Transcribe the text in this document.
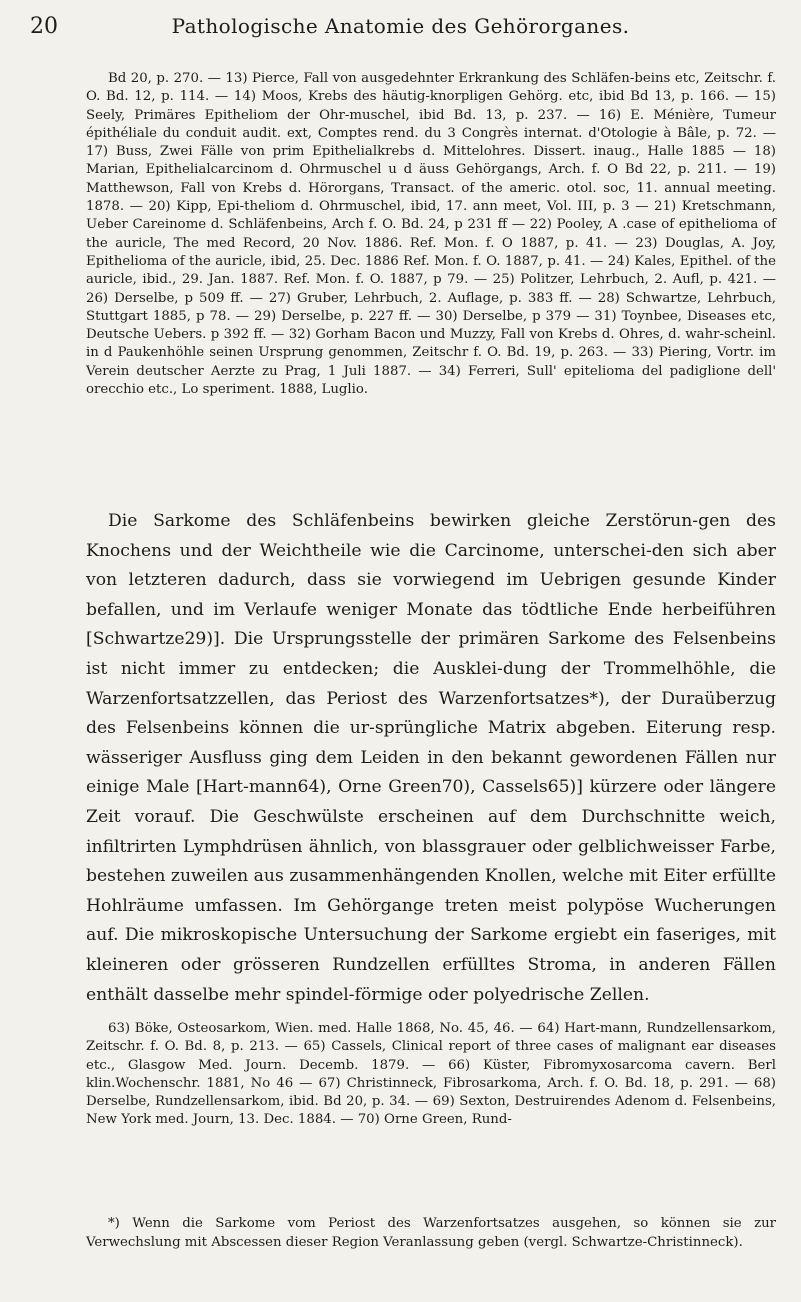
20	Pathologische Anatomie des Gehörorganes.

Bd 20, p. 270. — 13) Pierce, Fall von ausgedehnter Erkrankung des Schläfen-beins etc, Zeitschr. f. O. Bd. 12, p. 114. — 14) Moos, Krebs des häutig-knorpligen Gehörg. etc, ibid Bd 13, p. 166. — 15) Seely, Primäres Epitheliom der Ohr-muschel, ibid Bd. 13, p. 237. — 16) E. Ménière, Tumeur épithéliale du conduit audit. ext, Comptes rend. du 3 Congrès internat. d'Otologie à Bâle, p. 72. — 17) Buss, Zwei Fälle von prim Epithelialkrebs d. Mittelohres. Dissert. inaug., Halle 1885 — 18) Marian, Epithelialcarcinom d. Ohrmuschel u d äuss Gehörgangs, Arch. f. O Bd 22, p. 211. — 19) Matthewson, Fall von Krebs d. Hörorgans, Transact. of the americ. otol. soc, 11. annual meeting. 1878. — 20) Kipp, Epi-theliom d. Ohrmuschel, ibid, 17. ann meet, Vol. III, p. 3 — 21) Kretschmann, Ueber Careinome d. Schläfenbeins, Arch f. O. Bd. 24, p 231 ff — 22) Pooley, A .case of epithelioma of the auricle, The med Record, 20 Nov. 1886. Ref. Mon. f. O 1887, p. 41. — 23) Douglas, A. Joy, Epithelioma of the auricle, ibid, 25. Dec. 1886 Ref. Mon. f. O. 1887, p. 41. — 24) Kales, Epithel. of the auricle, ibid., 29. Jan. 1887. Ref. Mon. f. O. 1887, p 79. — 25) Politzer, Lehrbuch, 2. Aufl, p. 421. — 26) Derselbe, p 509 ff. — 27) Gruber, Lehrbuch, 2. Auflage, p. 383 ff. — 28) Schwartze, Lehrbuch, Stuttgart 1885, p 78. — 29) Derselbe, p. 227 ff. — 30) Derselbe, p 379 — 31) Toynbee, Diseases etc, Deutsche Uebers. p 392 ff. — 32) Gorham Bacon und Muzzy, Fall von Krebs d. Ohres, d. wahr-scheinl. in d Paukenhöhle seinen Ursprung genommen, Zeitschr f. O. Bd. 19, p. 263. — 33) Piering, Vortr. im Verein deutscher Aerzte zu Prag, 1 Juli 1887. — 34) Ferreri, Sull' epitelioma del padiglione dell' orecchio etc., Lo speriment. 1888, Luglio.

Die Sarkome des Schläfenbeins bewirken gleiche Zerstörun-gen des Knochens und der Weichtheile wie die Carcinome, unterschei-den sich aber von letzteren dadurch, dass sie vorwiegend im Uebrigen gesunde Kinder befallen, und im Verlaufe weniger Monate das tödtliche Ende herbeiführen [Schwartze29)]. Die Ursprungsstelle der primären Sarkome des Felsenbeins ist nicht immer zu entdecken; die Ausklei-dung der Trommelhöhle, die Warzenfortsatzzellen, das Periost des Warzenfortsatzes*), der Duraüberzug des Felsenbeins können die ur-sprüngliche Matrix abgeben. Eiterung resp. wässeriger Ausfluss ging dem Leiden in den bekannt gewordenen Fällen nur einige Male [Hart-mann64), Orne Green70), Cassels65)] kürzere oder längere Zeit vorauf. Die Geschwülste erscheinen auf dem Durchschnitte weich, infiltrirten Lymphdrüsen ähnlich, von blassgrauer oder gelblichweisser Farbe, bestehen zuweilen aus zusammenhängenden Knollen, welche mit Eiter erfüllte Hohlräume umfassen. Im Gehörgange treten meist polypöse Wucherungen auf. Die mikroskopische Untersuchung der Sarkome ergiebt ein faseriges, mit kleineren oder grösseren Rundzellen erfülltes Stroma, in anderen Fällen enthält dasselbe mehr spindel-förmige oder polyedrische Zellen.

63) Böke, Osteosarkom, Wien. med. Halle 1868, No. 45, 46. — 64) Hart-mann, Rundzellensarkom, Zeitschr. f. O. Bd. 8, p. 213. — 65) Cassels, Clinical report of three cases of malignant ear diseases etc., Glasgow Med. Journ. Decemb. 1879. — 66) Küster, Fibromyxosarcoma cavern. Berl klin.Wochenschr. 1881, No 46 — 67) Christinneck, Fibrosarkoma, Arch. f. O. Bd. 18, p. 291. — 68) Derselbe, Rundzellensarkom, ibid. Bd 20, p. 34. — 69) Sexton, Destruirendes Adenom d. Felsenbeins, New York med. Journ, 13. Dec. 1884. — 70) Orne Green, Rund-

*) Wenn die Sarkome vom Periost des Warzenfortsatzes ausgehen, so können sie zur Verwechslung mit Abscessen dieser Region Veranlassung geben (vergl. Schwartze-Christinneck).
